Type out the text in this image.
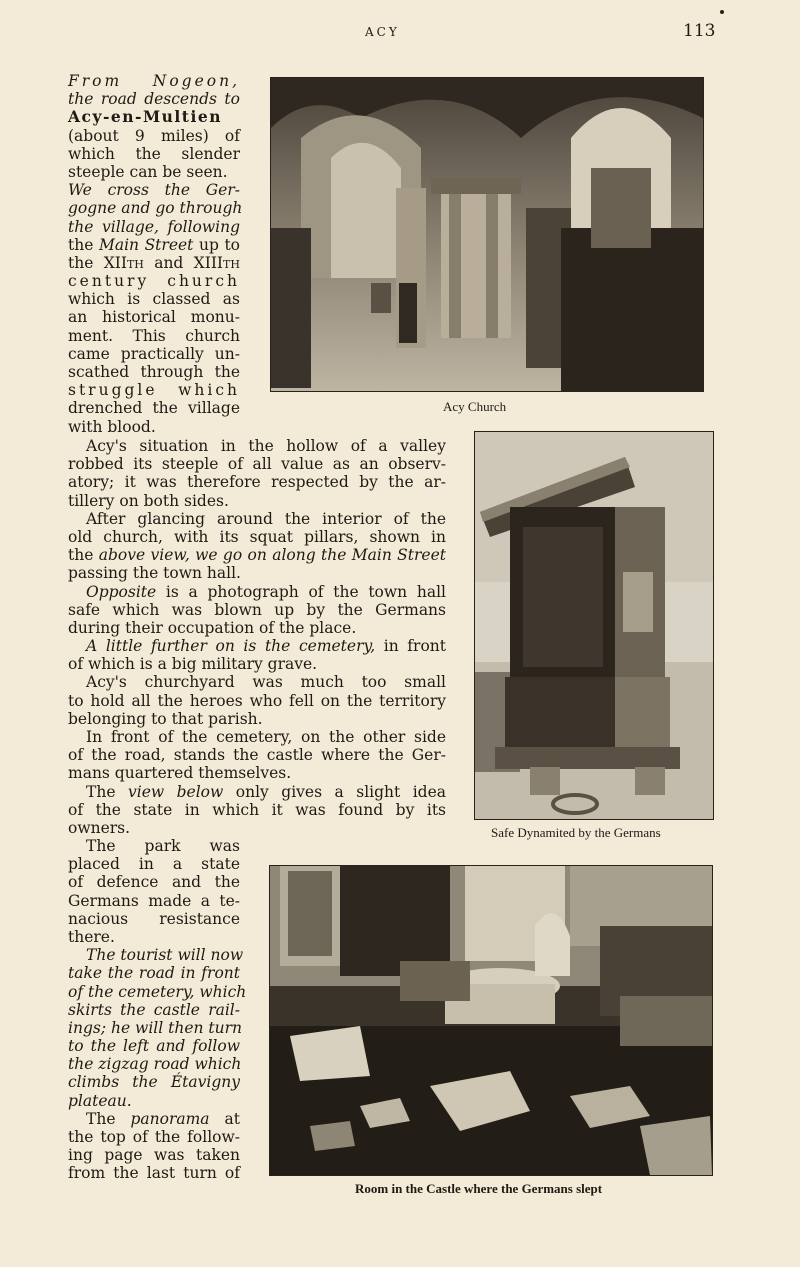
ACY	113
From Nogeon,
the road descends to
Acy-en-Multien
(about 9 miles) of
which the slender
steeple can be seen.
We cross the Ger-
gogne and go through
the village, following
the Main Street up to
the XIIth and XIIIth
century church
which is classed as
an historical monu-
ment. This church
came practically un-
scathed through the
struggle which
drenched the village
with blood.
Acy's situation in the hollow of a valley
robbed its steeple of all value as an observ-
atory; it was therefore respected by the ar-
tillery on both sides.
After glancing around the interior of the
old church, with its squat pillars, shown in
the above view, we go on along the Main Street
passing the town hall.
Opposite is a photograph of the town hall
safe which was blown up by the Germans
during their occupation of the place.
A little further on is the cemetery, in front
of which is a big military grave.
Acy's churchyard was much too small
to hold all the heroes who fell on the territory
belonging to that parish.
In front of the cemetery, on the other side
of the road, stands the castle where the Ger-
mans quartered themselves.
The view below only gives a slight idea
of the state in which it was found by its
owners.
The park was
placed in a state
of defence and the
Germans made a te-
nacious resistance
there.
The tourist will now
take the road in front
of the cemetery, which
skirts the castle rail-
ings; he will then turn
to the left and follow
the zigzag road which
climbs the Étavigny
plateau.
The panorama at
the top of the follow-
ing page was taken
from the last turn of
Acy Church
Safe Dynamited by the Germans
Room in the Castle where the Germans slept
